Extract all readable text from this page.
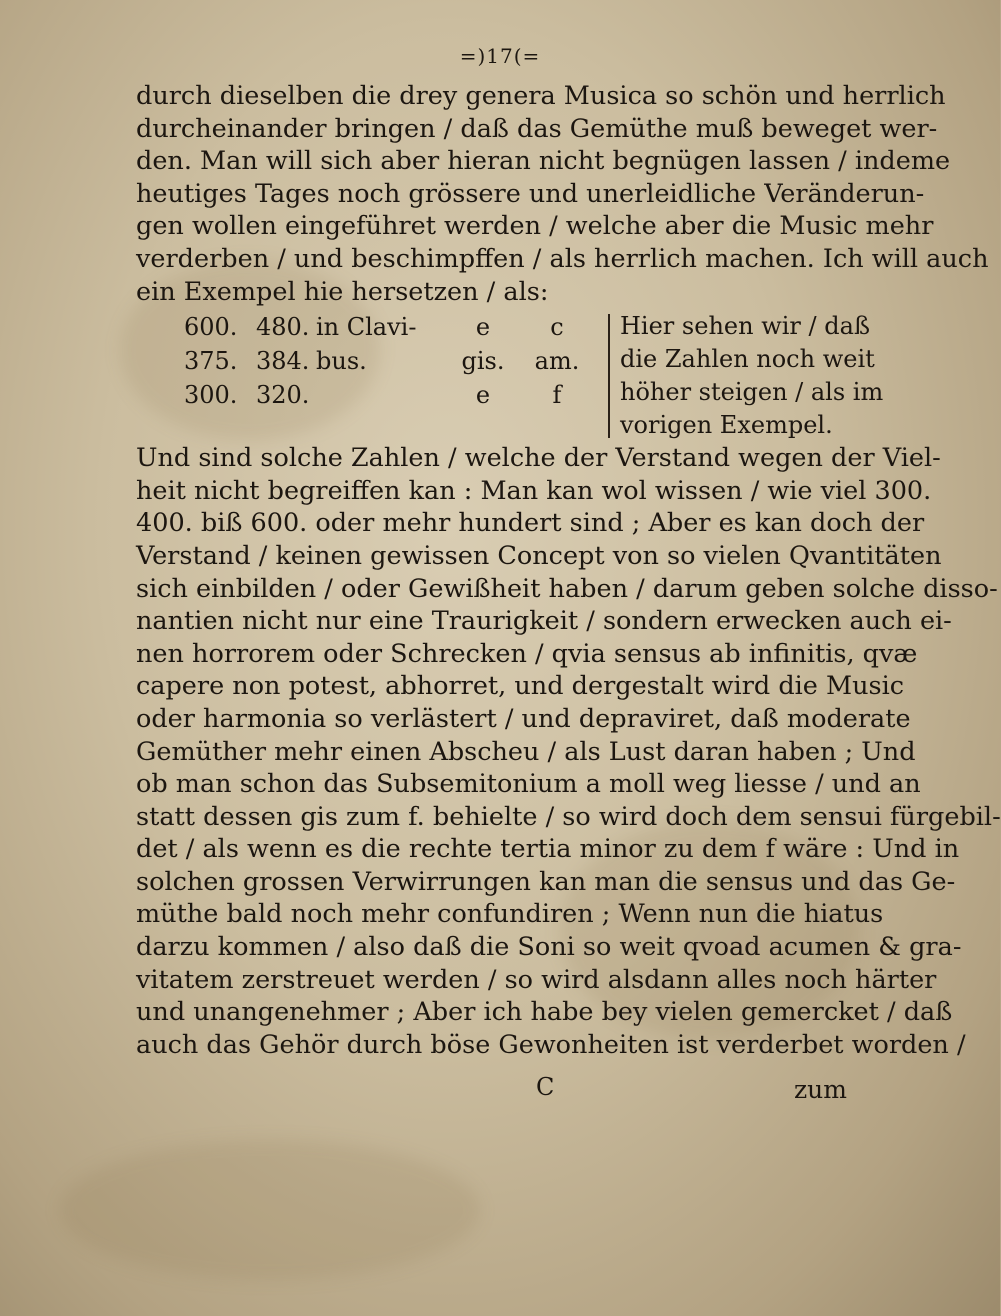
=)17(=
durch dieselben die drey genera Musica so schön und herrlich
durcheinander bringen / daß das Gemüthe muß beweget wer-
den. Man will sich aber hieran nicht begnügen lassen / indeme
heutiges Tages noch grössere und unerleidliche Veränderun-
gen wollen eingeführet werden / welche aber die Music mehr
verderben / und beschimpffen / als herrlich machen. Ich will auch
ein Exempel hie hersetzen / als:
600. 480. in Clavi-	e	c
375. 384. bus.	gis.	am.
300. 320.	e	f
Hier sehen wir / daß
die Zahlen noch weit
höher steigen / als im
vorigen Exempel.
Und sind solche Zahlen / welche der Verstand wegen der Viel-
heit nicht begreiffen kan : Man kan wol wissen / wie viel 300.
400. biß 600. oder mehr hundert sind ; Aber es kan doch der
Verstand / keinen gewissen Concept von so vielen Qvantitäten
sich einbilden / oder Gewißheit haben / darum geben solche disso-
nantien nicht nur eine Traurigkeit / sondern erwecken auch ei-
nen horrorem oder Schrecken / qvia sensus ab infinitis, qvæ
capere non potest, abhorret, und dergestalt wird die Music
oder harmonia so verlästert / und depraviret, daß moderate
Gemüther mehr einen Abscheu / als Lust daran haben ; Und
ob man schon das Subsemitonium a moll weg liesse / und an
statt dessen gis zum f. behielte / so wird doch dem sensui fürgebil-
det / als wenn es die rechte tertia minor zu dem f wäre : Und in
solchen grossen Verwirrungen kan man die sensus und das Ge-
müthe bald noch mehr confundiren ; Wenn nun die hiatus
darzu kommen / also daß die Soni so weit qvoad acumen & gra-
vitatem zerstreuet werden / so wird alsdann alles noch härter
und unangenehmer ; Aber ich habe bey vielen gemercket / daß
auch das Gehör durch böse Gewonheiten ist verderbet worden /
C	zum
